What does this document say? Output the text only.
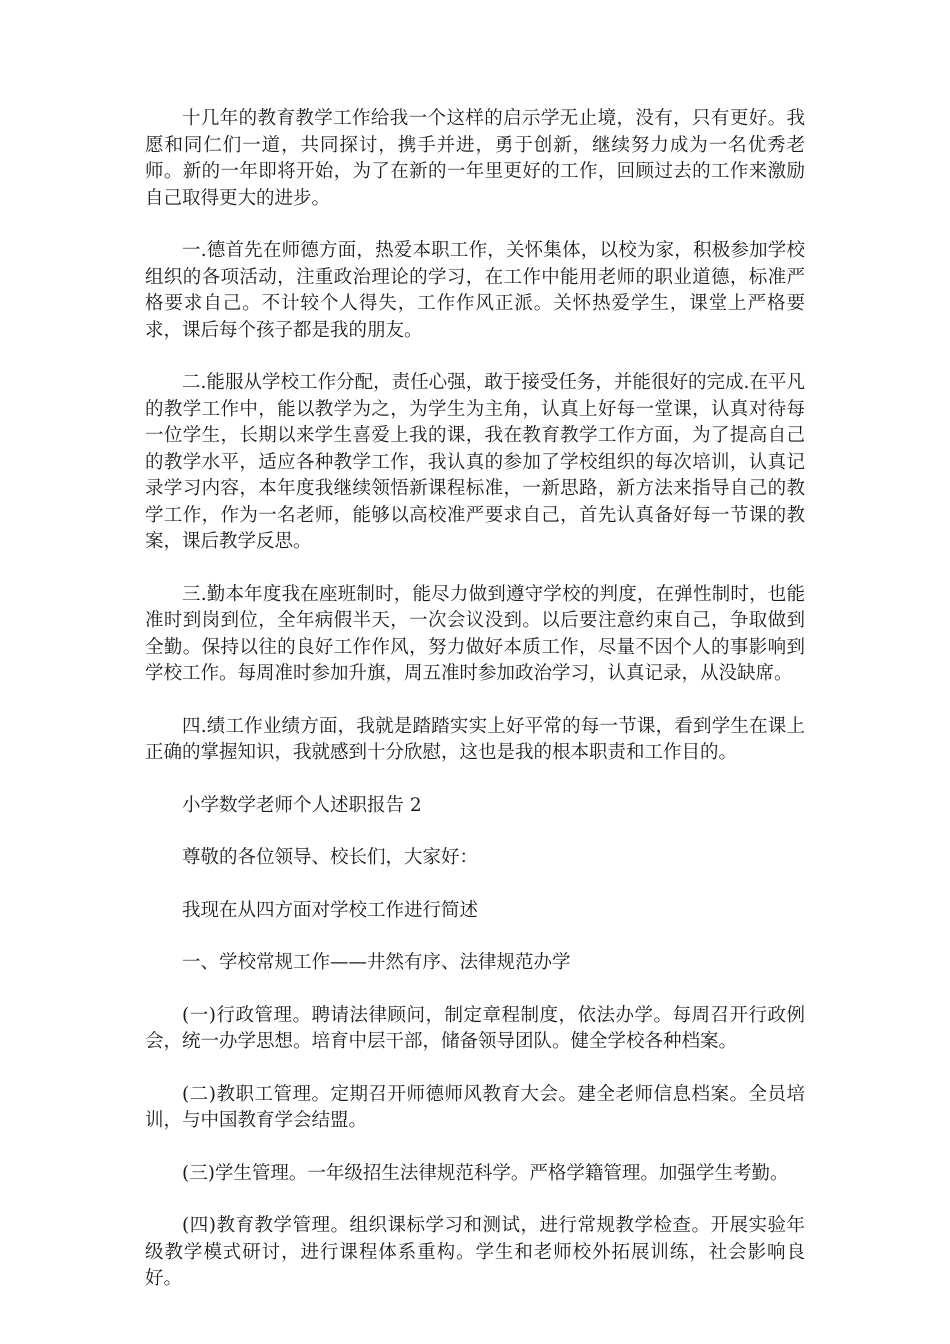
十几年的教育教学工作给我一个这样的启示学无止境，没有，只有更好。我愿和同仁们一道，共同探讨，携手并进，勇于创新，继续努力成为一名优秀老师。新的一年即将开始，为了在新的一年里更好的工作，回顾过去的工作来激励自己取得更大的进步。

一.德首先在师德方面，热爱本职工作，关怀集体，以校为家，积极参加学校组织的各项活动，注重政治理论的学习，在工作中能用老师的职业道德，标准严格要求自己。不计较个人得失，工作作风正派。关怀热爱学生，课堂上严格要求，课后每个孩子都是我的朋友。

二.能服从学校工作分配，责任心强，敢于接受任务，并能很好的完成.在平凡的教学工作中，能以教学为之，为学生为主角，认真上好每一堂课，认真对待每一位学生，长期以来学生喜爱上我的课，我在教育教学工作方面，为了提高自己的教学水平，适应各种教学工作，我认真的参加了学校组织的每次培训，认真记录学习内容，本年度我继续领悟新课程标准，一新思路，新方法来指导自己的教学工作，作为一名老师，能够以高校准严要求自己，首先认真备好每一节课的教案，课后教学反思。

三.勤本年度我在座班制时，能尽力做到遵守学校的判度，在弹性制时，也能准时到岗到位，全年病假半天，一次会议没到。以后要注意约束自己，争取做到全勤。保持以往的良好工作作风，努力做好本质工作，尽量不因个人的事影响到学校工作。每周准时参加升旗，周五准时参加政治学习，认真记录，从没缺席。

四.绩工作业绩方面，我就是踏踏实实上好平常的每一节课，看到学生在课上正确的掌握知识，我就感到十分欣慰，这也是我的根本职责和工作目的。

小学数学老师个人述职报告 2

尊敬的各位领导、校长们，大家好：

我现在从四方面对学校工作进行简述

一、学校常规工作——井然有序、法律规范办学

(一)行政管理。聘请法律顾问，制定章程制度，依法办学。每周召开行政例会，统一办学思想。培育中层干部，储备领导团队。健全学校各种档案。

(二)教职工管理。定期召开师德师风教育大会。建全老师信息档案。全员培训，与中国教育学会结盟。

(三)学生管理。一年级招生法律规范科学。严格学籍管理。加强学生考勤。

(四)教育教学管理。组织课标学习和测试，进行常规教学检查。开展实验年级教学模式研讨，进行课程体系重构。学生和老师校外拓展训练，社会影响良好。
